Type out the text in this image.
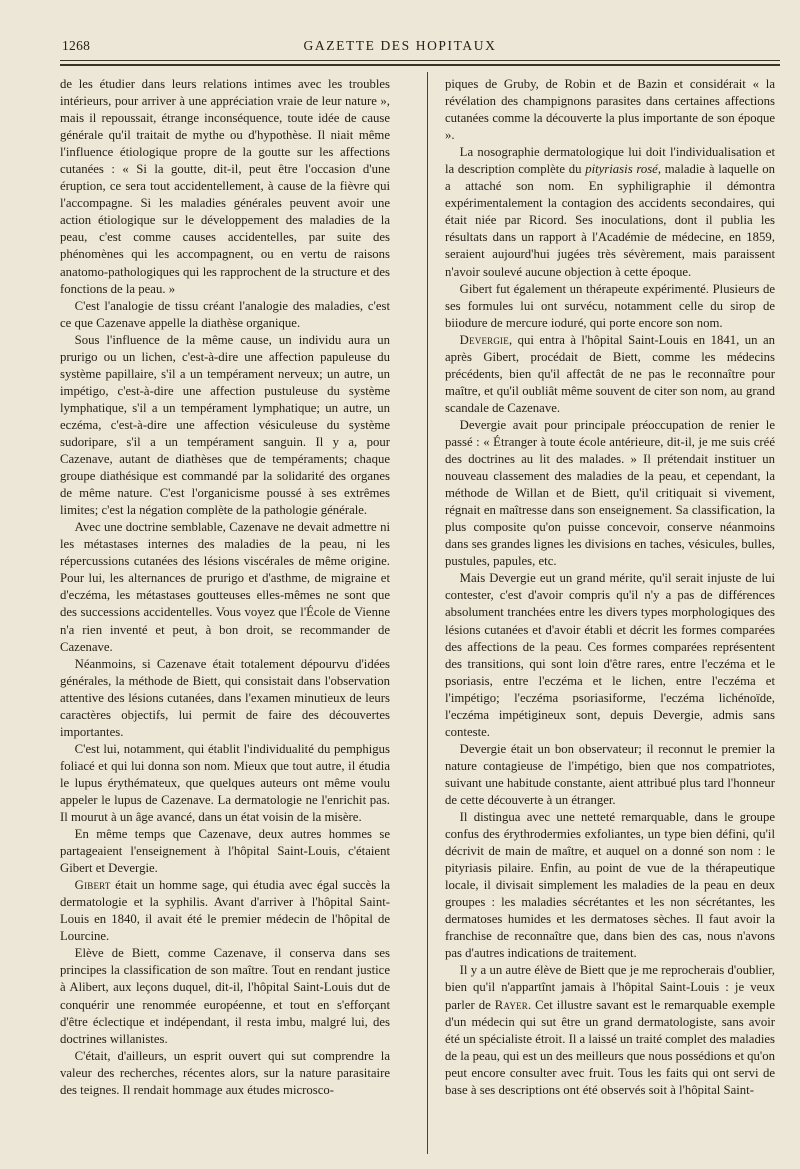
1268	GAZETTE DES HOPITAUX

de les étudier dans leurs relations intimes avec les troubles intérieurs, pour arriver à une appréciation vraie de leur nature », mais il repoussait, étrange inconséquence, toute idée de cause générale qu'il traitait de mythe ou d'hypothèse. Il niait même l'influence étiologique propre de la goutte sur les affections cutanées : « Si la goutte, dit-il, peut être l'occasion d'une éruption, ce sera tout accidentellement, à cause de la fièvre qui l'accompagne. Si les maladies générales peuvent avoir une action étiologique sur le développement des maladies de la peau, c'est comme causes accidentelles, par suite des phénomènes qui les accompagnent, ou en vertu de raisons anatomo-pathologiques qui les rapprochent de la structure et des fonctions de la peau. »

C'est l'analogie de tissu créant l'analogie des maladies, c'est ce que Cazenave appelle la diathèse organique.

Sous l'influence de la même cause, un individu aura un prurigo ou un lichen, c'est-à-dire une affection papuleuse du système papillaire, s'il a un tempérament nerveux; un autre, un impétigo, c'est-à-dire une affection pustuleuse du système lymphatique, s'il a un tempérament lymphatique; un autre, un eczéma, c'est-à-dire une affection vésiculeuse du système sudoripare, s'il a un tempérament sanguin. Il y a, pour Cazenave, autant de diathèses que de tempéraments; chaque groupe diathésique est commandé par la solidarité des organes de même nature. C'est l'organicisme poussé à ses extrêmes limites; c'est la négation complète de la pathologie générale.

Avec une doctrine semblable, Cazenave ne devait admettre ni les métastases internes des maladies de la peau, ni les répercussions cutanées des lésions viscérales de même origine. Pour lui, les alternances de prurigo et d'asthme, de migraine et d'eczéma, les métastases goutteuses elles-mêmes ne sont que des successions accidentelles. Vous voyez que l'École de Vienne n'a rien inventé et peut, à bon droit, se recommander de Cazenave.

Néanmoins, si Cazenave était totalement dépourvu d'idées générales, la méthode de Biett, qui consistait dans l'observation attentive des lésions cutanées, dans l'examen minutieux de leurs caractères objectifs, lui permit de faire des découvertes importantes.

C'est lui, notamment, qui établit l'individualité du pemphigus foliacé et qui lui donna son nom. Mieux que tout autre, il étudia le lupus érythémateux, que quelques auteurs ont même voulu appeler le lupus de Cazenave. La dermatologie ne l'enrichit pas. Il mourut à un âge avancé, dans un état voisin de la misère.

En même temps que Cazenave, deux autres hommes se partageaient l'enseignement à l'hôpital Saint-Louis, c'étaient Gibert et Devergie.

Gibert était un homme sage, qui étudia avec égal succès la dermatologie et la syphilis. Avant d'arriver à l'hôpital Saint-Louis en 1840, il avait été le premier médecin de l'hôpital de Lourcine.

Elève de Biett, comme Cazenave, il conserva dans ses principes la classification de son maître. Tout en rendant justice à Alibert, aux leçons duquel, dit-il, l'hôpital Saint-Louis dut de conquérir une renommée européenne, et tout en s'efforçant d'être éclectique et indépendant, il resta imbu, malgré lui, des doctrines willanistes.

C'était, d'ailleurs, un esprit ouvert qui sut comprendre la valeur des recherches, récentes alors, sur la nature parasitaire des teignes. Il rendait hommage aux études microsco-

piques de Gruby, de Robin et de Bazin et considérait « la révélation des champignons parasites dans certaines affections cutanées comme la découverte la plus importante de son époque ».

La nosographie dermatologique lui doit l'individualisation et la description complète du pityriasis rosé, maladie à laquelle on a attaché son nom. En syphiligraphie il démontra expérimentalement la contagion des accidents secondaires, qui était niée par Ricord. Ses inoculations, dont il publia les résultats dans un rapport à l'Académie de médecine, en 1859, seraient aujourd'hui jugées très sévèrement, mais paraissent n'avoir soulevé aucune objection à cette époque.

Gibert fut également un thérapeute expérimenté. Plusieurs de ses formules lui ont survécu, notamment celle du sirop de biiodure de mercure ioduré, qui porte encore son nom.

Devergie, qui entra à l'hôpital Saint-Louis en 1841, un an après Gibert, procédait de Biett, comme les médecins précédents, bien qu'il affectât de ne pas le reconnaître pour maître, et qu'il oubliât même souvent de citer son nom, au grand scandale de Cazenave.

Devergie avait pour principale préoccupation de renier le passé : « Étranger à toute école antérieure, dit-il, je me suis créé des doctrines au lit des malades. » Il prétendait instituer un nouveau classement des maladies de la peau, et cependant, la méthode de Willan et de Biett, qu'il critiquait si vivement, régnait en maîtresse dans son enseignement. Sa classification, la plus composite qu'on puisse concevoir, conserve néanmoins dans ses grandes lignes les divisions en taches, vésicules, bulles, pustules, papules, etc.

Mais Devergie eut un grand mérite, qu'il serait injuste de lui contester, c'est d'avoir compris qu'il n'y a pas de différences absolument tranchées entre les divers types morphologiques des lésions cutanées et d'avoir établi et décrit les formes comparées des affections de la peau. Ces formes comparées représentent des transitions, qui sont loin d'être rares, entre l'eczéma et le psoriasis, entre l'eczéma et le lichen, entre l'eczéma et l'impétigo; l'eczéma psoriasiforme, l'eczéma lichénoïde, l'eczéma impétigineux sont, depuis Devergie, admis sans conteste.

Devergie était un bon observateur; il reconnut le premier la nature contagieuse de l'impétigo, bien que nos compatriotes, suivant une habitude constante, aient attribué plus tard l'honneur de cette découverte à un étranger.

Il distingua avec une netteté remarquable, dans le groupe confus des érythrodermies exfoliantes, un type bien défini, qu'il décrivit de main de maître, et auquel on a donné son nom : le pityriasis pilaire. Enfin, au point de vue de la thérapeutique locale, il divisait simplement les maladies de la peau en deux groupes : les maladies sécrétantes et les non sécrétantes, les dermatoses humides et les dermatoses sèches. Il faut avoir la franchise de reconnaître que, dans bien des cas, nous n'avons pas d'autres indications de traitement.

Il y a un autre élève de Biett que je me reprocherais d'oublier, bien qu'il n'appartînt jamais à l'hôpital Saint-Louis : je veux parler de Rayer. Cet illustre savant est le remarquable exemple d'un médecin qui sut être un grand dermatologiste, sans avoir été un spécialiste étroit. Il a laissé un traité complet des maladies de la peau, qui est un des meilleurs que nous possédions et qu'on peut encore consulter avec fruit. Tous les faits qui ont servi de base à ses descriptions ont été observés soit à l'hôpital Saint-
